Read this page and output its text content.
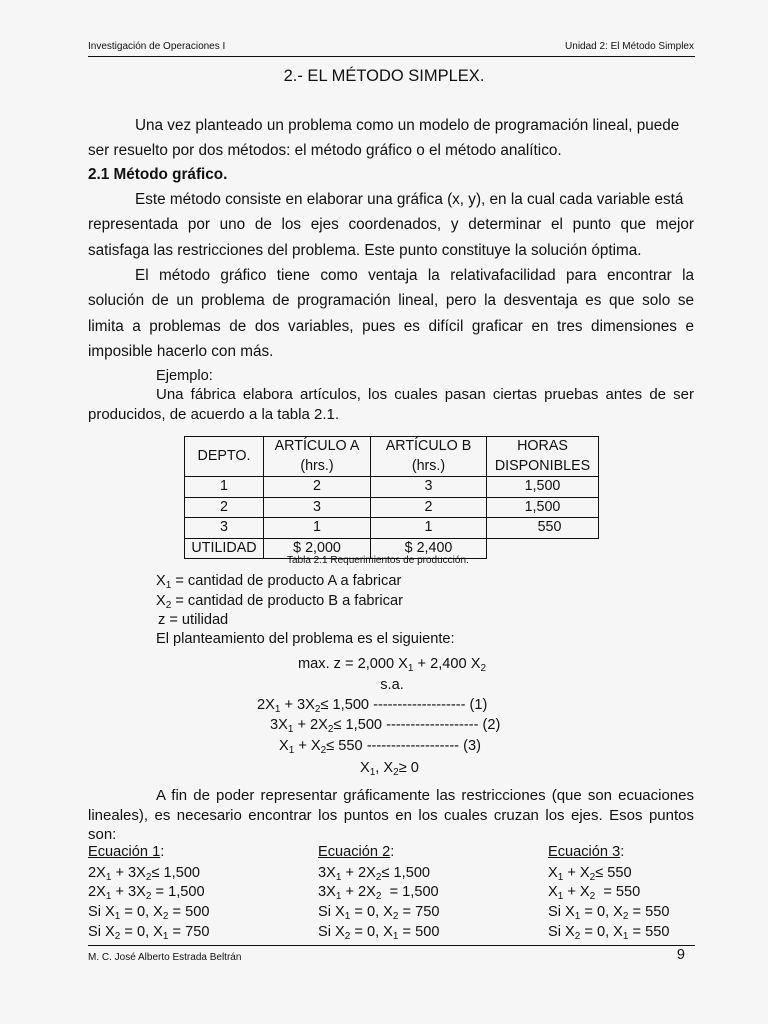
Investigación de Operaciones I	Unidad 2: El Método Simplex
2.- EL MÉTODO SIMPLEX.
Una vez planteado un problema como un modelo de programación lineal, puede
ser resuelto por dos métodos: el método gráfico o el método analítico.
2.1 Método gráfico.
Este método consiste en elaborar una gráfica (x, y), en la cual cada variable está
representada por uno de los ejes coordenados, y determinar el punto que mejor
satisfaga las restricciones del problema. Este punto constituye la solución óptima.
El método gráfico tiene como ventaja la relativafacilidad para encontrar la
solución de un problema de programación lineal, pero la desventaja es que solo se
limita a problemas de dos variables, pues es difícil graficar en tres dimensiones e
imposible hacerlo con más.
Ejemplo:
Una fábrica elabora artículos, los cuales pasan ciertas pruebas antes de ser
producidos, de acuerdo a la tabla 2.1.
DEPTO.	ARTÍCULO A	ARTÍCULO B	HORAS
	(hrs.)	(hrs.)	DISPONIBLES
1	2	3	1,500
2	3	2	1,500
3	1	1	550
UTILIDAD	$ 2,000	$ 2,400	
Tabla 2.1 Requerimientos de producción.
$X_1$ = cantidad de producto A a fabricar
$X_2$ = cantidad de producto B a fabricar
z = utilidad
El planteamiento del problema es el siguiente:
max. z = 2,000 $X_1 + 2,400$ $X_2$
s.a.
$2X_1 + 3X_2\le 1,500$ ------------------- (1)
$3X_1 + 2X_2\le 1,500$ ------------------- (2)
$X_1 + X_2\le 550$ ------------------- (3)
$X_1$, $X_2\ge 0$
A fin de poder representar gráficamente las restricciones (que son ecuaciones
lineales), es necesario encontrar los puntos en los cuales cruzan los ejes. Esos puntos
son:
Ecuación 1:
$2X_1 + 3X_2\le 1,500$
$2X_1 + 3X_2 = 1,500$
Si $X_1 = 0$, $X_2 = 500$
Si $X_2 = 0$, $X_1 = 750$
Ecuación 2:
$3X_1 + 2X_2\le 1,500$
$3X_1 + 2X_2 = 1,500$
Si $X_1 = 0$, $X_2 = 750$
Si $X_2 = 0$, $X_1 = 500$
Ecuación 3:
$X_1 + X_2\le 550$
$X_1 + X_2 = 550$
Si $X_1 = 0$, $X_2 = 550$
Si $X_2 = 0$, $X_1 = 550$
M. C. José Alberto Estrada Beltrán	9
